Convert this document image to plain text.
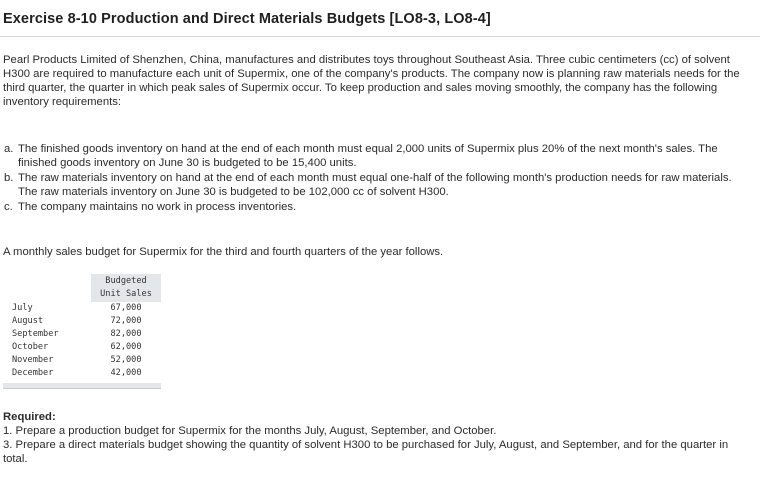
Exercise 8-10 Production and Direct Materials Budgets [LO8-3, LO8-4]

Pearl Products Limited of Shenzhen, China, manufactures and distributes toys throughout Southeast Asia. Three cubic centimeters (cc) of solvent H300 are required to manufacture each unit of Supermix, one of the company's products. The company now is planning raw materials needs for the third quarter, the quarter in which peak sales of Supermix occur. To keep production and sales moving smoothly, the company has the following inventory requirements:

a. The finished goods inventory on hand at the end of each month must equal 2,000 units of Supermix plus 20% of the next month's sales. The finished goods inventory on June 30 is budgeted to be 15,400 units.
b. The raw materials inventory on hand at the end of each month must equal one-half of the following month's production needs for raw materials. The raw materials inventory on June 30 is budgeted to be 102,000 cc of solvent H300.
c. The company maintains no work in process inventories.

A monthly sales budget for Supermix for the third and fourth quarters of the year follows.

Budgeted
Unit Sales
July	67,000
August	72,000
September	82,000
October	62,000
November	52,000
December	42,000

Required:

1. Prepare a production budget for Supermix for the months July, August, September, and October.
3. Prepare a direct materials budget showing the quantity of solvent H300 to be purchased for July, August, and September, and for the quarter in total.
